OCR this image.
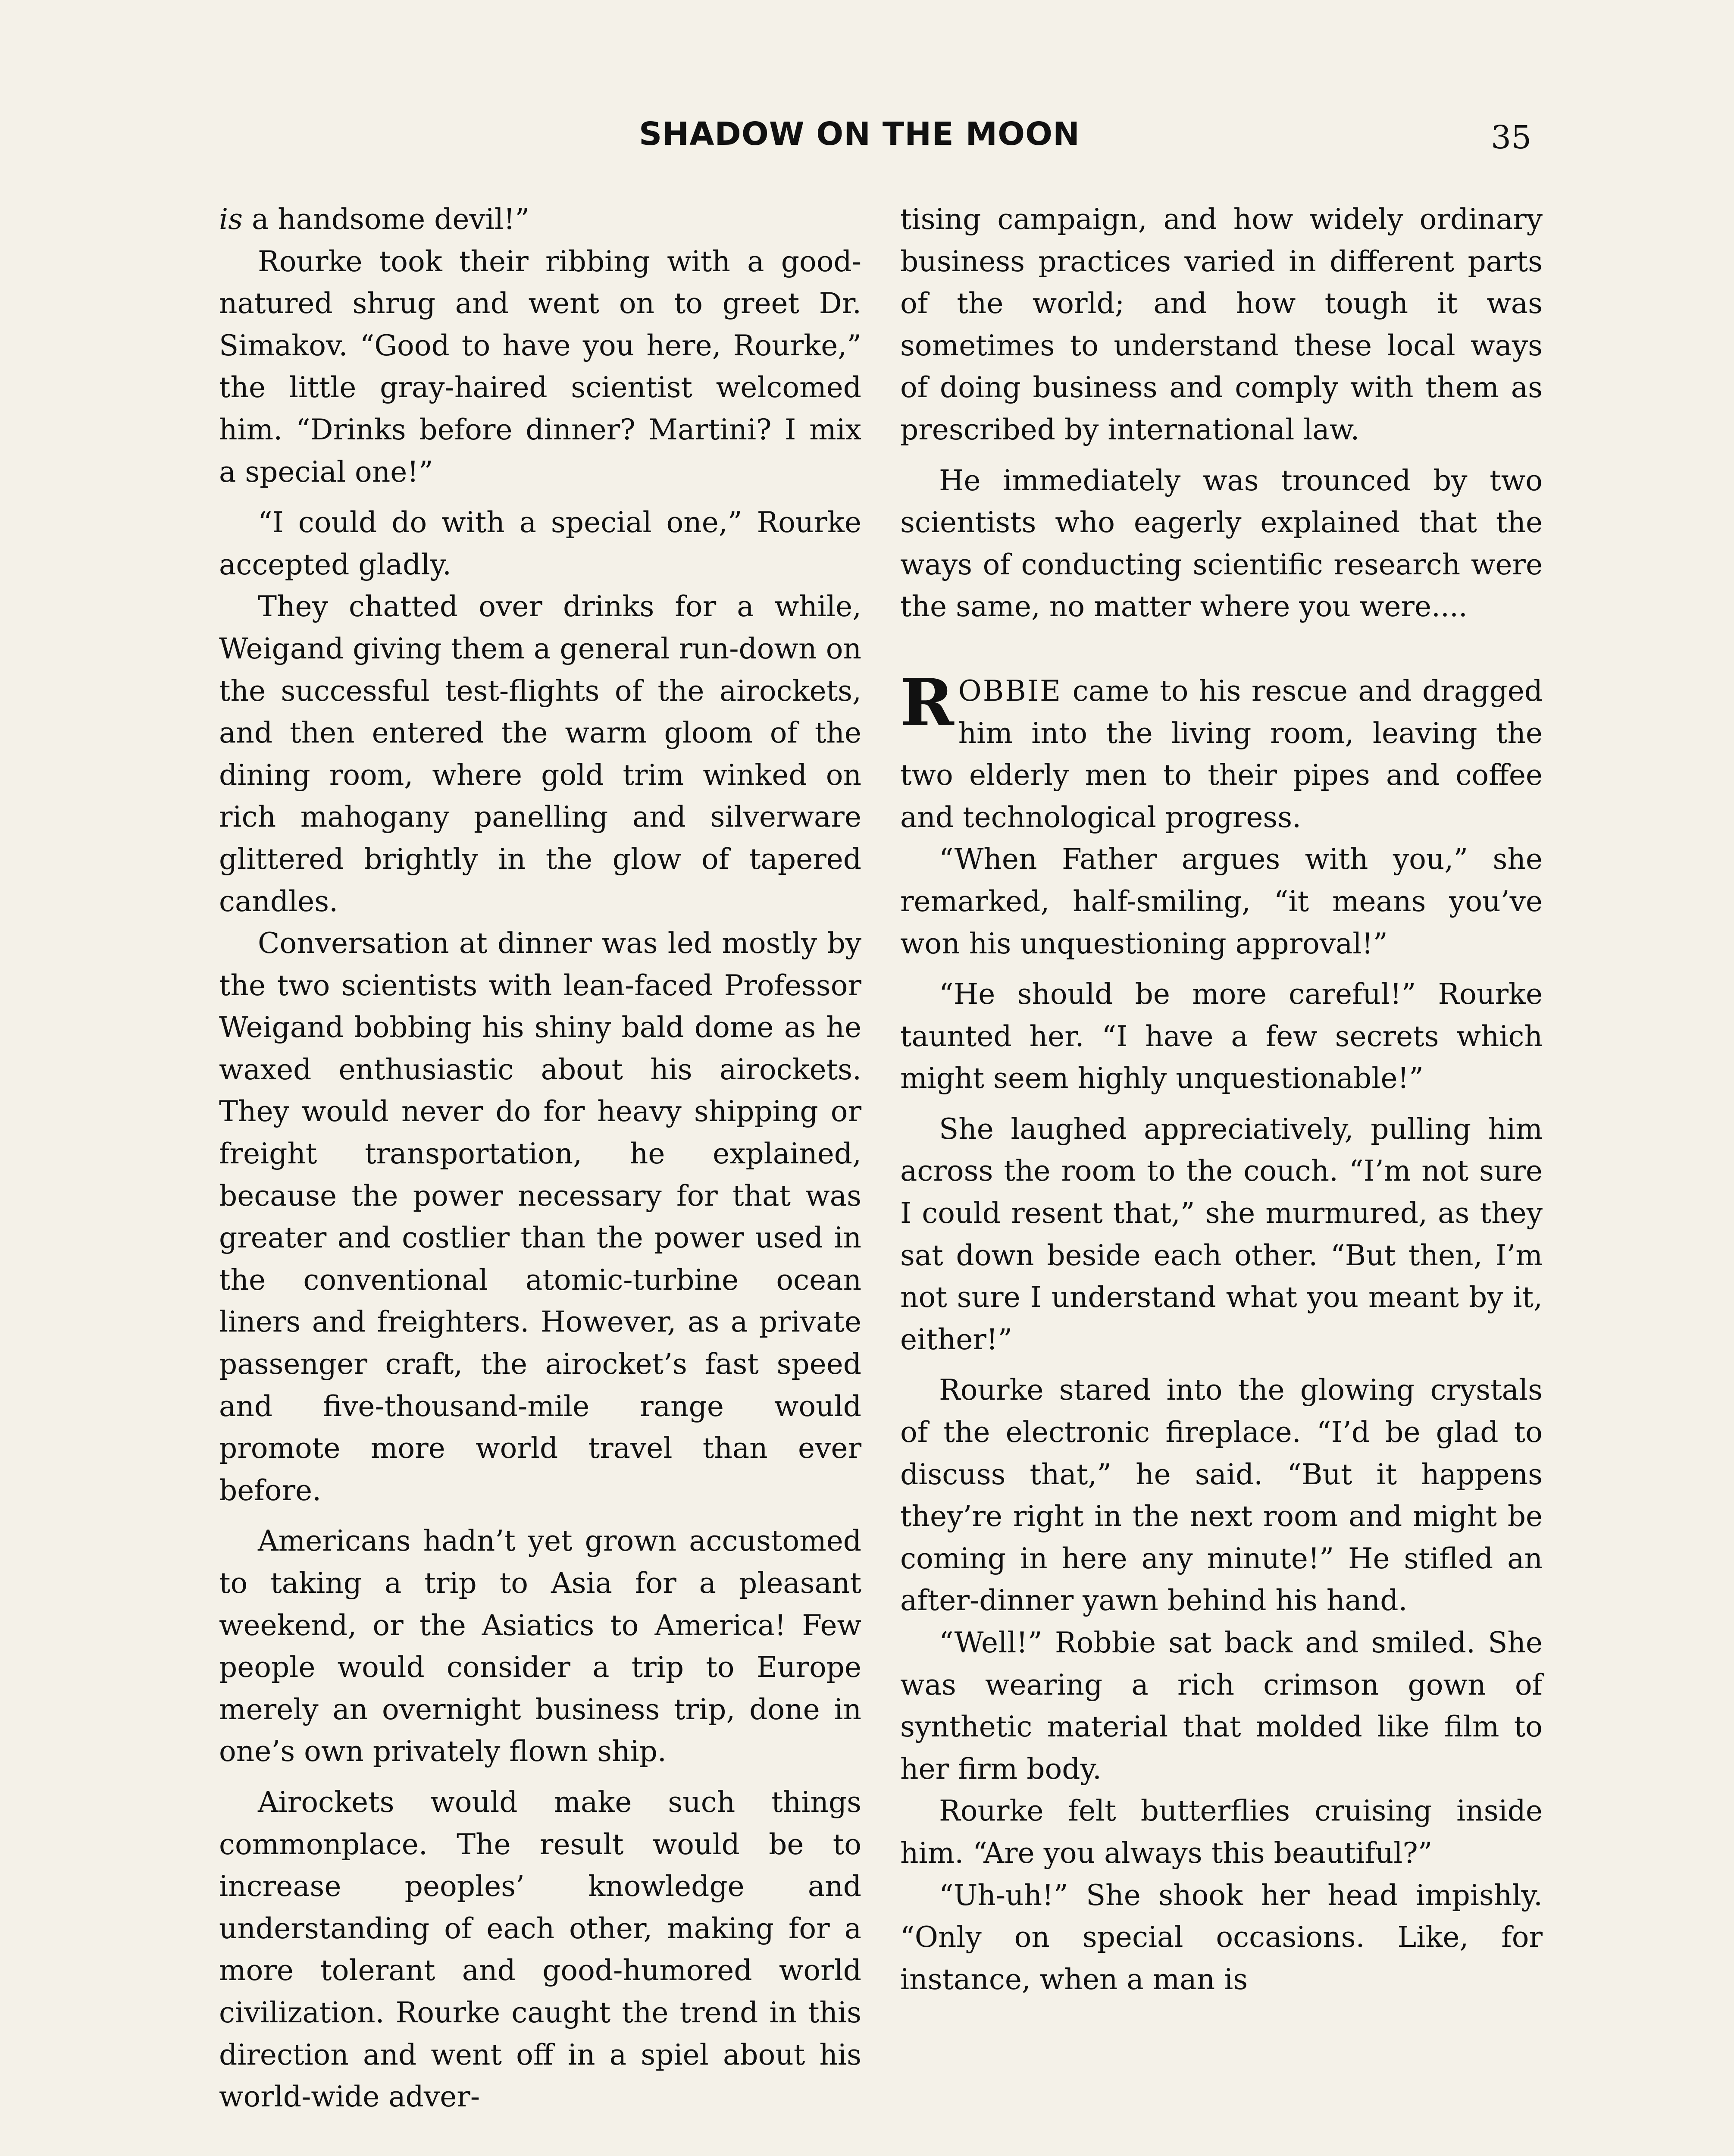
SHADOW ON THE MOON	35

is a handsome devil!”

Rourke took their ribbing with a good-natured shrug and went on to greet Dr. Simakov. “Good to have you here, Rourke,” the little gray-haired scientist welcomed him. “Drinks before dinner? Martini? I mix a special one!”

“I could do with a special one,” Rourke accepted gladly.

They chatted over drinks for a while, Weigand giving them a general run-down on the successful test-flights of the airockets, and then entered the warm gloom of the dining room, where gold trim winked on rich mahogany panelling and silverware glittered brightly in the glow of tapered candles.

Conversation at dinner was led mostly by the two scientists with lean-faced Professor Weigand bobbing his shiny bald dome as he waxed enthusiastic about his airockets. They would never do for heavy shipping or freight transportation, he explained, because the power necessary for that was greater and costlier than the power used in the conventional atomic-turbine ocean liners and freighters. However, as a private passenger craft, the airocket’s fast speed and five-thousand-mile range would promote more world travel than ever before.

Americans hadn’t yet grown accustomed to taking a trip to Asia for a pleasant weekend, or the Asiatics to America! Few people would consider a trip to Europe merely an overnight business trip, done in one’s own privately flown ship.

Airockets would make such things commonplace. The result would be to increase peoples’ knowledge and understanding of each other, making for a more tolerant and good-humored world civilization. Rourke caught the trend in this direction and went off in a spiel about his world-wide adver-

tising campaign, and how widely ordinary business practices varied in different parts of the world; and how tough it was sometimes to understand these local ways of doing business and comply with them as prescribed by international law.

He immediately was trounced by two scientists who eagerly explained that the ways of conducting scientific research were the same, no matter where you were....

ROBBIE came to his rescue and dragged him into the living room, leaving the two elderly men to their pipes and coffee and technological progress.

“When Father argues with you,” she remarked, half-smiling, “it means you’ve won his unquestioning approval!”

“He should be more careful!” Rourke taunted her. “I have a few secrets which might seem highly unquestionable!”

She laughed appreciatively, pulling him across the room to the couch. “I’m not sure I could resent that,” she murmured, as they sat down beside each other. “But then, I’m not sure I understand what you meant by it, either!”

Rourke stared into the glowing crystals of the electronic fireplace. “I’d be glad to discuss that,” he said. “But it happens they’re right in the next room and might be coming in here any minute!” He stifled an after-dinner yawn behind his hand.

“Well!” Robbie sat back and smiled. She was wearing a rich crimson gown of synthetic material that molded like film to her firm body.

Rourke felt butterflies cruising inside him. “Are you always this beautiful?”

“Uh-uh!” She shook her head impishly. “Only on special occasions. Like, for instance, when a man is
